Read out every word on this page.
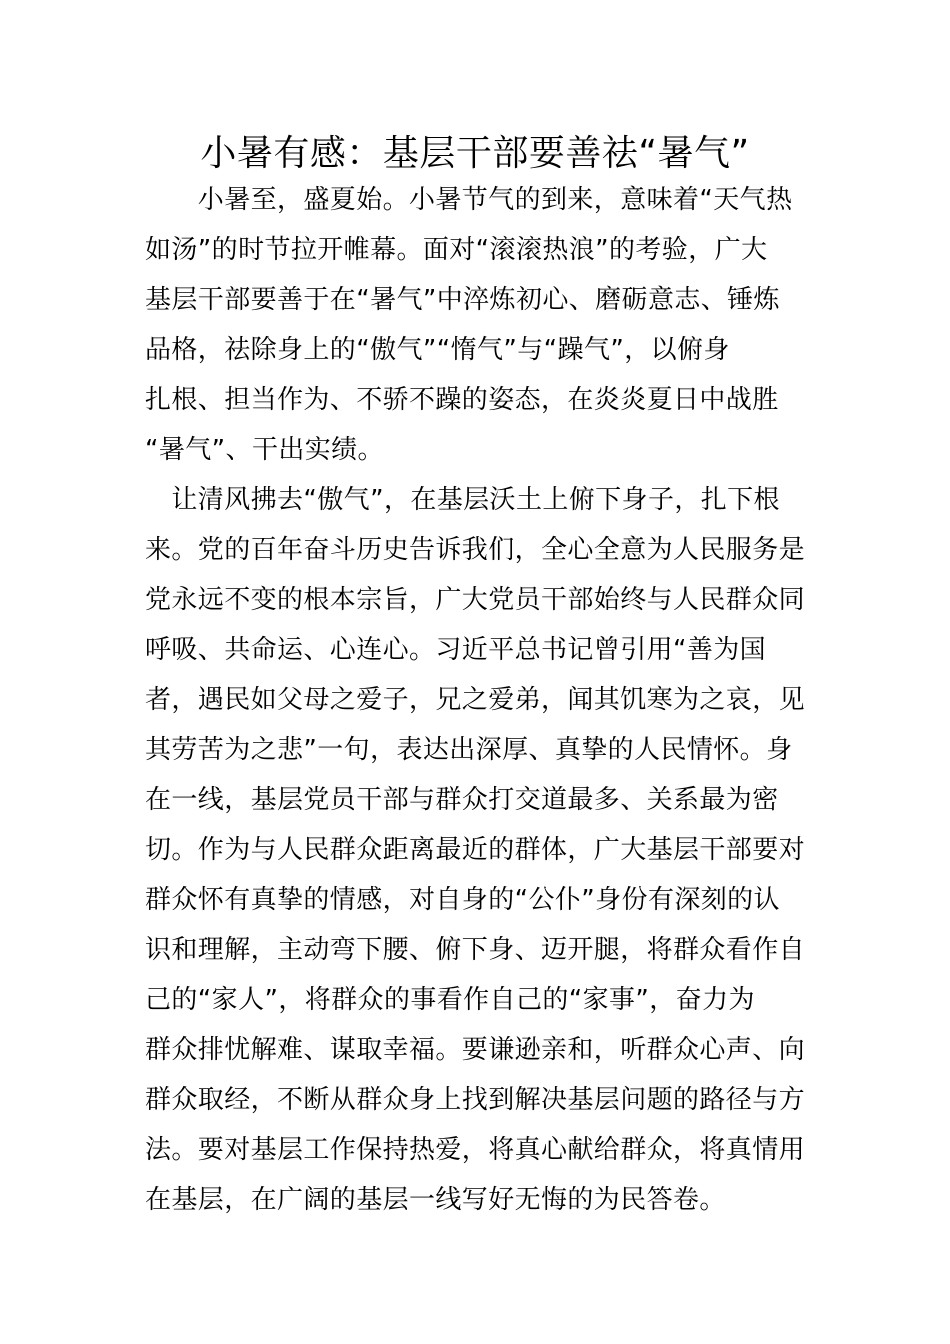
小暑有感：基层干部要善祛“暑气”
　　小暑至，盛夏始。小暑节气的到来，意味着“天气热
如汤”的时节拉开帷幕。面对“滚滚热浪”的考验，广大
基层干部要善于在“暑气”中淬炼初心、磨砺意志、锤炼
品格，祛除身上的“傲气”“惰气”与“躁气”，以俯身
扎根、担当作为、不骄不躁的姿态，在炎炎夏日中战胜
“暑气”、干出实绩。
　让清风拂去“傲气”，在基层沃土上俯下身子，扎下根
来。党的百年奋斗历史告诉我们，全心全意为人民服务是
党永远不变的根本宗旨，广大党员干部始终与人民群众同
呼吸、共命运、心连心。习近平总书记曾引用“善为国
者，遇民如父母之爱子，兄之爱弟，闻其饥寒为之哀，见
其劳苦为之悲”一句，表达出深厚、真挚的人民情怀。身
在一线，基层党员干部与群众打交道最多、关系最为密
切。作为与人民群众距离最近的群体，广大基层干部要对
群众怀有真挚的情感，对自身的“公仆”身份有深刻的认
识和理解，主动弯下腰、俯下身、迈开腿，将群众看作自
己的“家人”，将群众的事看作自己的“家事”，奋力为
群众排忧解难、谋取幸福。要谦逊亲和，听群众心声、向
群众取经，不断从群众身上找到解决基层问题的路径与方
法。要对基层工作保持热爱，将真心献给群众，将真情用
在基层，在广阔的基层一线写好无悔的为民答卷。
